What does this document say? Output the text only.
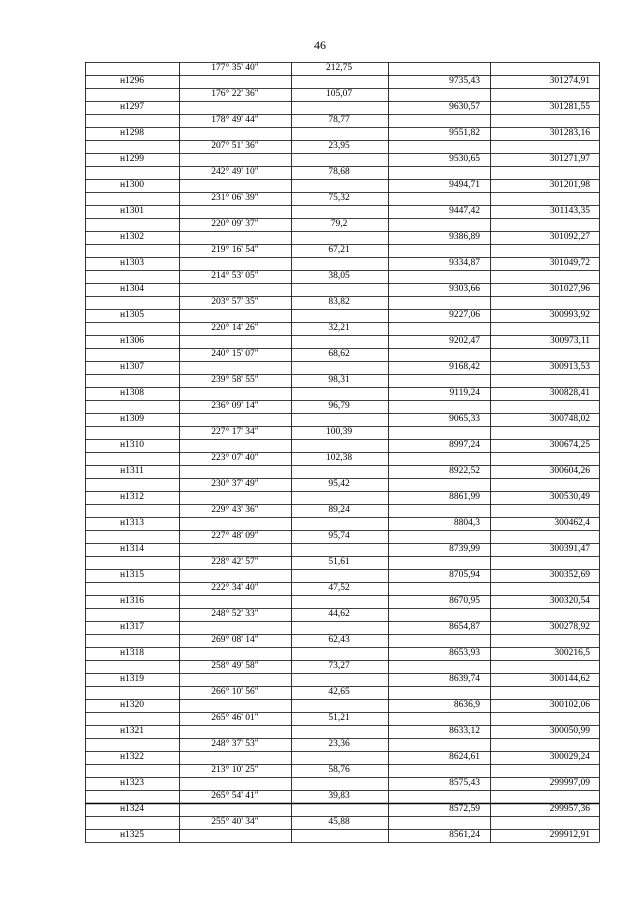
46
177° 35' 40"	212,75
н1296	9735,43	301274,91
176° 22' 36"	105,07
н1297	9630,57	301281,55
178° 49' 44"	78,77
н1298	9551,82	301283,16
207° 51' 36"	23,95
н1299	9530,65	301271,97
242° 49' 10"	78,68
н1300	9494,71	301201,98
231° 06' 39"	75,32
н1301	9447,42	301143,35
220° 09' 37"	79,2
н1302	9386,89	301092,27
219° 16' 54"	67,21
н1303	9334,87	301049,72
214° 53' 05"	38,05
н1304	9303,66	301027,96
203° 57' 35"	83,82
н1305	9227,06	300993,92
220° 14' 26"	32,21
н1306	9202,47	300973,11
240° 15' 07"	68,62
н1307	9168,42	300913,53
239° 58' 55"	98,31
н1308	9119,24	300828,41
236° 09' 14"	96,79
н1309	9065,33	300748,02
227° 17' 34"	100,39
н1310	8997,24	300674,25
223° 07' 40"	102,38
н1311	8922,52	300604,26
230° 37' 49"	95,42
н1312	8861,99	300530,49
229° 43' 36"	89,24
н1313	8804,3	300462,4
227° 48' 09"	95,74
н1314	8739,99	300391,47
228° 42' 57"	51,61
н1315	8705,94	300352,69
222° 34' 40"	47,52
н1316	8670,95	300320,54
248° 52' 33"	44,62
н1317	8654,87	300278,92
269° 08' 14"	62,43
н1318	8653,93	300216,5
258° 49' 58"	73,27
н1319	8639,74	300144,62
266° 10' 56"	42,65
н1320	8636,9	300102,06
265° 46' 01"	51,21
н1321	8633,12	300050,99
248° 37' 53"	23,36
н1322	8624,61	300029,24
213° 10' 25"	58,76
н1323	8575,43	299997,09
265° 54' 41"	39,83
н1324	8572,59	299957,36
255° 40' 34"	45,88
н1325	8561,24	299912,91
